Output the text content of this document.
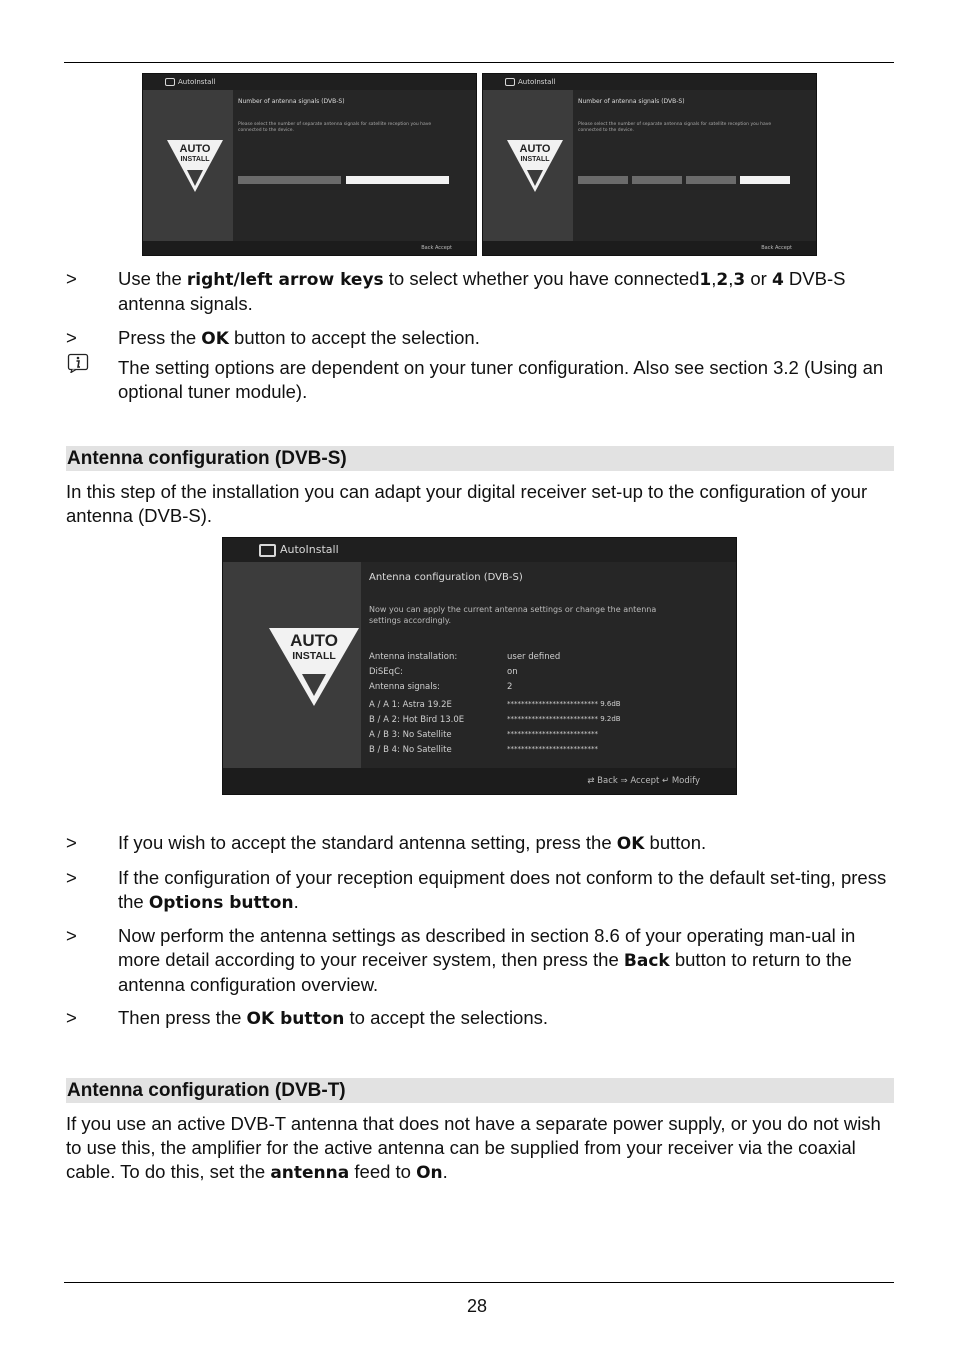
AutoInstall
AUTO
INSTALL
Number of antenna signals (DVB-S)
Please select the number of separate antenna signals for satellite reception you have connected to the device.
Back Accept
AutoInstall
AUTO
INSTALL
Number of antenna signals (DVB-S)
Please select the number of separate antenna signals for satellite reception you have connected to the device.
Back Accept
>	Use the right/left arrow keys to select whether you have connected1,2,3 or 4 DVB-S antenna signals.
>	Press the OK button to accept the selection.
The setting options are dependent on your tuner configuration. Also see section 3.2 (Using an optional tuner module).
Antenna configuration (DVB-S)
In this step of the installation you can adapt your digital receiver set-up to the configuration of your antenna (DVB-S).
AutoInstall
AUTO
INSTALL
Antenna configuration (DVB-S)
Now you can apply the current antenna settings or change the antenna settings accordingly.
Antenna installation:	user defined
DiSEqC:	on
Antenna signals:	2
A / A 1: Astra 19.2E	************************** 9.6dB
B / A 2: Hot Bird 13.0E	************************** 9.2dB
A / B 3: No Satellite	**************************
B / B 4: No Satellite	**************************
⇄ Back ⇒ Accept ↵ Modify
>	If you wish to accept the standard antenna setting, press the OK button.
>	If the configuration of your reception equipment does not conform to the default set-ting, press the Options button.
>	Now perform the antenna settings as described in section 8.6 of your operating man-ual in more detail according to your receiver system, then press the Back button to return to the antenna configuration overview.
>	Then press the OK button to accept the selections.
Antenna configuration (DVB-T)
If you use an active DVB-T antenna that does not have a separate power supply, or you do not wish to use this, the amplifier for the active antenna can be supplied from your receiver via the coaxial cable. To do this, set the antenna feed to On.
28
